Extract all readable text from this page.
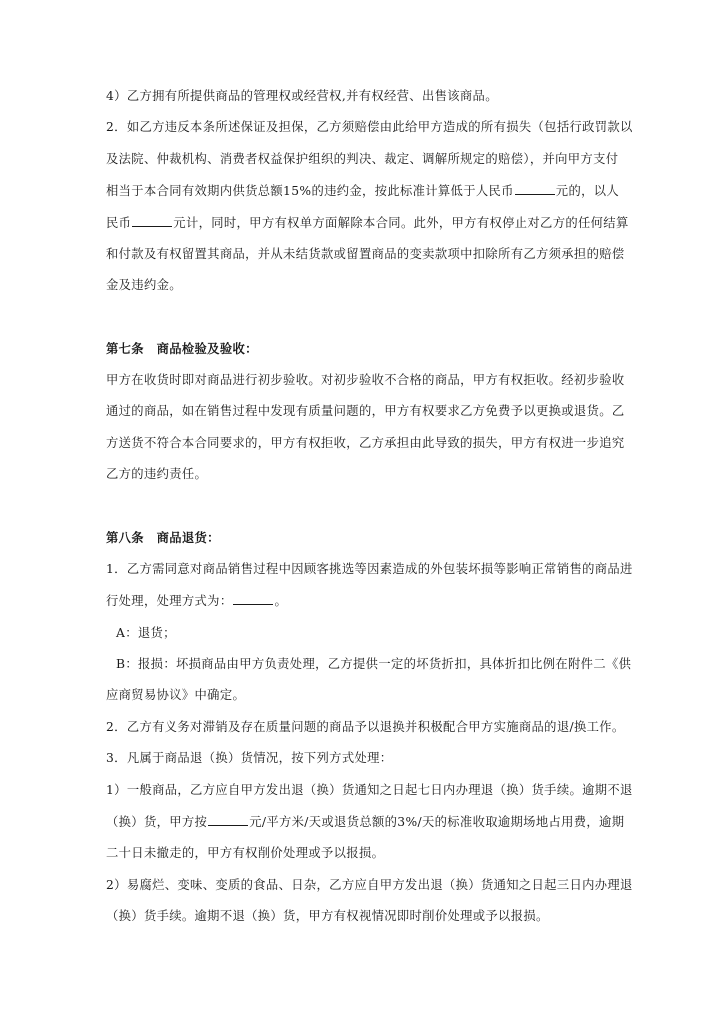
4）乙方拥有所提供商品的管理权或经营权,并有权经营、出售该商品。
2．如乙方违反本条所述保证及担保，乙方须赔偿由此给甲方造成的所有损失（包括行政罚款以
及法院、仲裁机构、消费者权益保护组织的判决、裁定、调解所规定的赔偿），并向甲方支付
相当于本合同有效期内供货总额15%的违约金，按此标准计算低于人民币	元的，以人
民币	元计，同时，甲方有权单方面解除本合同。此外，甲方有权停止对乙方的任何结算
和付款及有权留置其商品，并从未结货款或留置商品的变卖款项中扣除所有乙方须承担的赔偿
金及违约金。
第七条　商品检验及验收：
甲方在收货时即对商品进行初步验收。对初步验收不合格的商品，甲方有权拒收。经初步验收
通过的商品，如在销售过程中发现有质量问题的，甲方有权要求乙方免费予以更换或退货。乙
方送货不符合本合同要求的，甲方有权拒收，乙方承担由此导致的损失，甲方有权进一步追究
乙方的违约责任。
第八条　商品退货：
1．乙方需同意对商品销售过程中因顾客挑选等因素造成的外包装坏损等影响正常销售的商品进
行处理，处理方式为：	。
A：退货；
B：报损：坏损商品由甲方负责处理，乙方提供一定的坏货折扣，具体折扣比例在附件二《供
应商贸易协议》中确定。
2．乙方有义务对滞销及存在质量问题的商品予以退换并积极配合甲方实施商品的退/换工作。
3．凡属于商品退（换）货情况，按下列方式处理：
1）一般商品，乙方应自甲方发出退（换）货通知之日起七日内办理退（换）货手续。逾期不退
（换）货，甲方按	元/平方米/天或退货总额的3%/天的标准收取逾期场地占用费，逾期
二十日未撤走的，甲方有权削价处理或予以报损。
2）易腐烂、变味、变质的食品、日杂，乙方应自甲方发出退（换）货通知之日起三日内办理退
（换）货手续。逾期不退（换）货，甲方有权视情况即时削价处理或予以报损。
